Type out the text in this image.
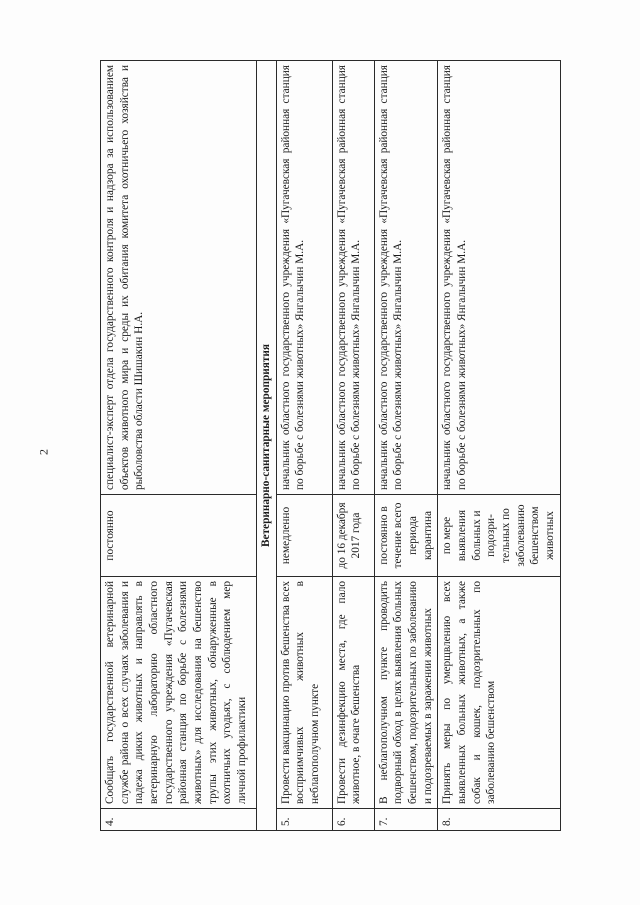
2
4.	Сообщать государственной ветеринарной службе района о всех случаях заболевания и падежа диких животных и направлять в ветеринарную лабораторию областного государственного учреждения «Пугачевская районная станция по борьбе с болезнями животных» для исследования на бешенство трупы этих животных, обнаруженные в охотничьих угодьях, с соблюдением мер личной профилактики	постоянно	специалист-эксперт отдела государственного контроля и надзора за использованием объектов животного мира и среды их обитания комитета охотничьего хозяйства и рыболовства области Шишакин Н.А.
Ветеринарно-санитарные мероприятия			
5.	Провести вакцинацию против бешенства всех восприимчивых животных в неблагополучном пункте	немедленно	начальник областного государственного учреждения «Пугачевская районная станция по борьбе с болезнями животных» Янгалычин М.А.
6.	Провести дезинфекцию места, где пало животное, в очаге бешенства	до 16 декабря 2017 года	начальник областного государственного учреждения «Пугачевская районная станция по борьбе с болезнями животных» Янгалычин М.А.
7.	В неблагополучном пункте проводить подворный обход в целях выявления больных бешенством, подозрительных по заболеванию и подозреваемых в заражении животных	постоянно в течение всего периода карантина	начальник областного государственного учреждения «Пугачевская районная станция по борьбе с болезнями животных» Янгалычин М.А.
8.	Принять меры по умерщвлению всех выявленных больных животных, а также собак и кошек, подозрительных по заболеванию бешенством	по мере выявления больных и подозри-тельных по заболеванию бешенством животных	начальник областного государственного учреждения «Пугачевская районная станция по борьбе с болезнями животных» Янгалычин М.А.
